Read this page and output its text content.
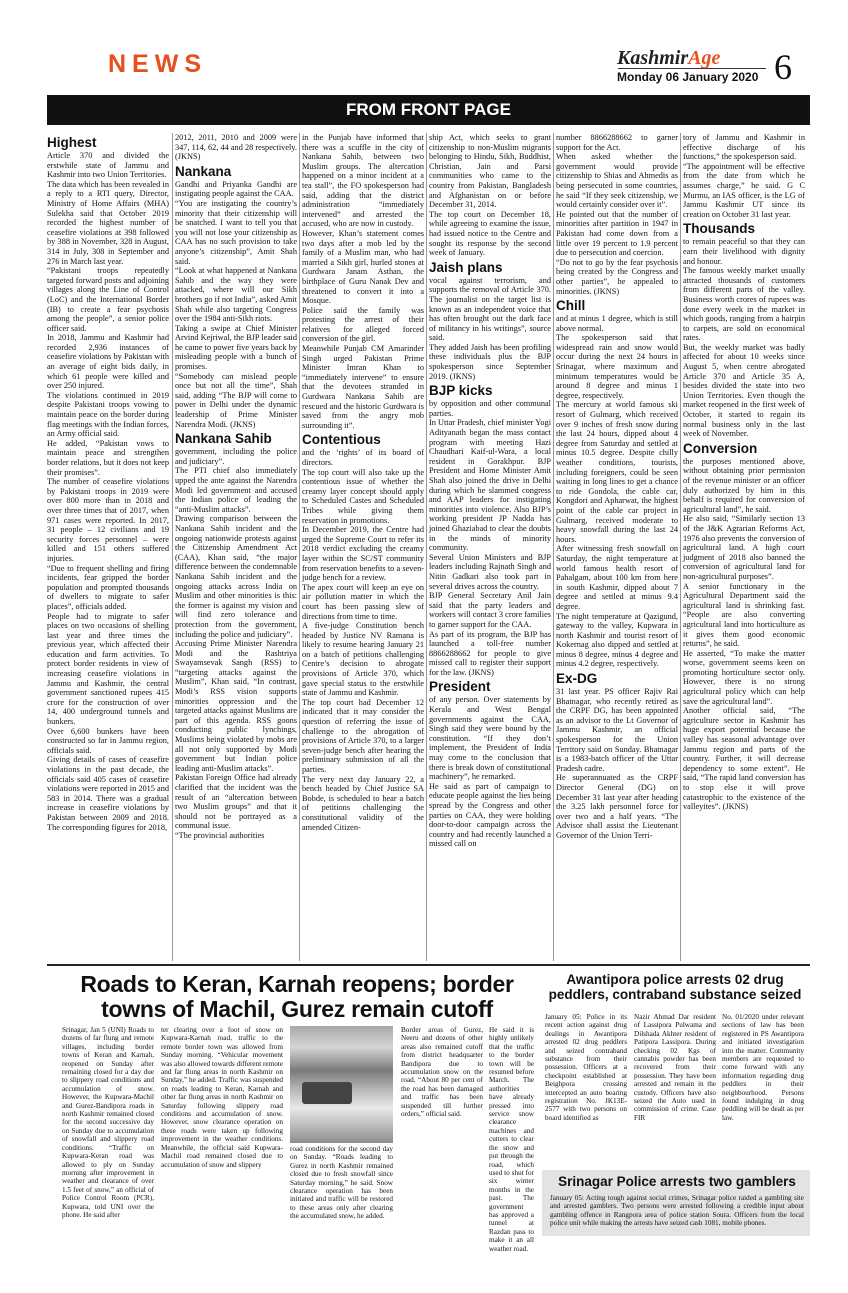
NEWS	KashmirAge
Monday 06 January 2020 6
FROM FRONT PAGE
Highest

Article 370 and divided the erstwhile state of Jammu and Kashmir into two Union Territories.

The data which has been revealed in a reply to a RTI query, Director, Ministry of Home Affairs (MHA) Sulekha said that October 2019 recorded the highest number of ceasefire violations at 398 followed by 388 in November, 328 in August, 314 in July, 308 in September and 276 in March last year.

“Pakistani troops repeatedly targeted forward posts and adjoining villages along the Line of Control (LoC) and the International Border (IB) to create a fear psychosis among the people”, a senior police officer said.

In 2018, Jammu and Kashmir had recorded 2,936 instances of ceasefire violations by Pakistan with an average of eight bids daily, in which 61 people were killed and over 250 injured.

The violations continued in 2019 despite Pakistani troops vowing to maintain peace on the border during flag meetings with the Indian forces, an Army official said.

He added, “Pakistan vows to maintain peace and strengthen border relations, but it does not keep their promises”.

The number of ceasefire violations by Pakistani troops in 2019 were over 800 more than in 2018 and over three times that of 2017, when 971 cases were reported. In 2017, 31 people – 12 civilians and 19 security forces personnel – were killed and 151 others suffered injuries.

“Due to frequent shelling and firing incidents, fear gripped the border population and prompted thousands of dwellers to migrate to safer places”, officials added.

People had to migrate to safer places on two occasions of shelling last year and three times the previous year, which affected their education and farm activities. To protect border residents in view of increasing ceasefire violations in Jammu and Kashmir, the central government sanctioned rupees 415 crore for the construction of over 14, 400 underground tunnels and bunkers.

Over 6,600 bunkers have been constructed so far in Jammu region, officials said.

Giving details of cases of ceasefire violations in the past decade, the officials said 405 cases of ceasefire violations were reported in 2015 and 583 in 2014. There was a gradual increase in ceasefire violations by Pakistan between 2009 and 2018. The corresponding figures for 2018,

2012, 2011, 2010 and 2009 were 347, 114, 62, 44 and 28 respectively. (JKNS)

Nankana

Gandhi and Priyanka Gandhi are instigating people against the CAA.

“You are instigating the country’s minority that their citizenship will be snatched. I want to tell you that you will not lose your citizenship as CAA has no such provision to take anyone’s citizenship”, Amit Shah said.

“Look at what happened at Nankana Sahib and the way they were attacked, where will our Sikh brothers go if not India”, asked Amit Shah while also targeting Congress over the 1984 anti-Sikh riots.

Taking a swipe at Chief Minister Arvind Kejriwal, the BJP leader said he came to power five years back by misleading people with a bunch of promises.

“Somebody can mislead people once but not all the time”, Shah said, adding “The BJP will come to power in Delhi under the dynamic leadership of Prime Minister Narendra Modi. (JKNS)

Nankana Sahib

government, including the police and judiciary”.

The PTI chief also immediately upped the ante against the Narendra Modi led government and accused the Indian police of leading the “anti-Muslim attacks”.

Drawing comparison between the Nankana Sahib incident and the ongoing nationwide protests against the Citizenship Amendment Act (CAA), Khan said, “the major difference between the condemnable Nankana Sahib incident and the ongoing attacks across India on Muslim and other minorities is this: the former is against my vision and will find zero tolerance and protection from the government, including the police and judiciary”.

Accusing Prime Minister Narendra Modi and the Rashtriya Swayamsevak Sangh (RSS) to “targeting attacks against the Muslim”, Khan said, “In contrast, Modi’s RSS vision supports minorities oppression and the targeted attacks against Muslims are part of this agenda. RSS goons conducting public lynchings, Muslims being violated by mobs are all not only supported by Modi government but Indian police leading anti-Muslim attacks”.

Pakistan Foreign Office had already clarified that the incident was the result of an “altercation between two Muslim groups” and that it should not be portrayed as a communal issue.

“The provincial authorities

in the Punjab have informed that there was a scuffle in the city of Nankana Sahib, between two Muslim groups. The altercation happened on a minor incident at a tea stall”, the FO spokesperson had said, adding that the district administration “immediately intervened” and arrested the accused, who are now in custody.

However, Khan’s statement comes two days after a mob led by the family of a Muslim man, who had married a Sikh girl, hurled stones at Gurdwara Janam Asthan, the birthplace of Guru Nanak Dev and threatened to convert it into a Mosque.

Police said the family was protesting the arrest of their relatives for alleged forced conversion of the girl.

Meanwhile Punjab CM Amarinder Singh urged Pakistan Prime Minister Imran Khan to “immediately intervene” to ensure that the devotees stranded in Gurdwara Nankana Sahib are rescued and the historic Gurdwara is saved from the angry mob surrounding it”.

Contentious

and the ‘rights’ of its board of directors.

The top court will also take up the contentious issue of whether the creamy layer concept should apply to Scheduled Castes and Scheduled Tribes while giving them reservation in promotions.

In December 2019, the Centre had urged the Supreme Court to refer its 2018 verdict excluding the creamy layer within the SC/ST community from reservation benefits to a seven-judge bench for a review.

The apex court will keep an eye on air pollution matter in which the court has been passing slew of directions from time to time.

A five-judge Constitution bench headed by Justice NV Ramana is likely to resume hearing January 21 on a batch of petitions challenging Centre’s decision to abrogate provisions of Article 370, which gave special status to the erstwhile state of Jammu and Kashmir.

The top court had December 12 indicated that it may consider the question of referring the issue of challenge to the abrogation of provisions of Article 370, to a larger seven-judge bench after hearing the preliminary submission of all the parties.

The very next day January 22, a bench headed by Chief Justice SA Bobde, is scheduled to hear a batch of petitions challenging the constitutional validity of the amended Citizen-

ship Act, which seeks to grant citizenship to non-Muslim migrants belonging to Hindu, Sikh, Buddhist, Christian, Jain and Parsi communities who came to the country from Pakistan, Bangladesh and Afghanistan on or before December 31, 2014.

The top court on December 18, while agreeing to examine the issue, had issued notice to the Centre and sought its response by the second week of January.

Jaish plans

vocal against terrorism, and supports the removal of Article 370. The journalist on the target list is known as an independent voice that has often brought out the dark face of militancy in his writings”, source said.

They added Jaish has been profiling these individuals plus the BJP spokesperson since September 2019. (JKNS)

BJP kicks

by opposition and other communal parties.

In Uttar Pradesh, chief minister Yogi Adityanath began the mass contact program with meeting Hazi Chaudhari Kaif-ul-Wara, a local resident in Gorakhpur. BJP President and Home Minister Amit Shah also joined the drive in Delhi during which he slammed congress and AAP leaders for instigating minorities into violence. Also BJP’s working president JP Nadda has joined Ghaziabad to clear the doubts in the minds of minority community.

Several Union Ministers and BJP leaders including Rajnath Singh and Nitin Gadkari also took part in several drives across the country.

BJP General Secretary Anil Jain said that the party leaders and workers will contact 3 crore families to garner support for the CAA.

As part of its program, the BJP has launched a toll-free number 8866288662 for people to give missed call to register their support for the law. (JKNS)

President

of any person. Over statements by Kerala and West Bengal governments against the CAA, Singh said they were bound by the constitution. “If they don’t implement, the President of India may come to the conclusion that there is break down of constitutional machinery”, he remarked.

He said as part of campaign to educate people against the lies being spread by the Congress and other parties on CAA, they were holding door-to-door campaign across the country and had recently launched a missed call on

number 8866288662 to garner support for the Act.

When asked whether the government would provide citizenship to Shias and Ahmedis as being persecuted in some countries, he said “If they seek citizenship, we would certainly consider over it”.

He pointed out that the number of minorities after partition in 1947 in Pakistan had come down from a little over 19 percent to 1.9 percent due to persecution and coercion.

“Do not to go by the fear psychosis being created by the Congress and other parties”, he appealed to minorities. (JKNS)

Chill

and at minus 1 degree, which is still above normal.

The spokesperson said that widespread rain and snow would occur during the next 24 hours in Srinagar, where maximum and minimum temperatures would be around 8 degree and minus 1 degree, respectively.

The mercury at world famous ski resort of Gulmarg, which received over 9 inches of fresh snow during the last 24 hours, dipped about 4 degree from Saturday and settled at minus 10.5 degree. Despite chilly weather conditions, tourists, including foreigners, could be seen waiting in long lines to get a chance to ride Gondola, the cable car, Kongdori and Apharwat, the highest point of the cable car project in Gulmarg, received moderate to heavy snowfall during the last 24 hours.

After witnessing fresh snowfall on Saturday, the night temperature at world famous health resort of Pahalgam, about 100 km from here in south Kashmir, dipped about 7 degree and settled at minus 9.4 degree.

The night temperature at Qazigund, gateway to the valley, Kupwara in north Kashmir and tourist resort of Kokernag also dipped and settled at minus 8 degree, minus 4 degree and minus 4.2 degree, respectively.

Ex-DG

31 last year. PS officer Rajiv Rai Bhatnagar, who recently retired as the CRPF DG, has been appointed as an advisor to the Lt Governor of Jammu Kashmir, an official spokesperson for the Union Territory said on Sunday. Bhatnagar is a 1983-batch officer of the Uttar Pradesh cadre.

He superannuated as the CRPF Director General (DG) on December 31 last year after heading the 3.25 lakh personnel force for over two and a half years. “The Advisor shall assist the Lieutenant Governor of the Union Terri-

tory of Jammu and Kashmir in effective discharge of his functions,” the spokesperson said.

“The appointment will be effective from the date from which he assumes charge,” he said. G C Murmu, an IAS officer, is the LG of Jammu Kashmir UT since its creation on October 31 last year.

Thousands

to remain peaceful so that they can earn their livelihood with dignity and honour.

The famous weekly market usually attracted thousands of customers from different parts of the valley. Business worth crores of rupees was done every week in the market in which goods, ranging from a hairpin to carpets, are sold on economical rates.

But, the weekly market was badly affected for about 10 weeks since August 5, when centre abrogated Article 370 and Article 35 A, besides divided the state into two Union Territories. Even though the market reopened in the first week of October, it started to regain its normal business only in the last week of November.

Conversion

the purposes mentioned above, without obtaining prior permission of the revenue minister or an officer duly authorized by him in this behalf is required for conversion of agricultural land”, he said.

He also said, “Similarly section 13 of the J&K Agrarian Reforms Act, 1976 also prevents the conversion of agricultural land. A high court judgment of 2018 also banned the conversion of agricultural land for non-agricultural purposes”.

A senior functionary in the Agricultural Department said the agricultural land is shrinking fast. “People are also converting agricultural land into horticulture as it gives them good economic returns”, he said.

He asserted, “To make the matter worse, government seems keen on promoting horticulture sector only. However, there is no strong agricultural policy which can help save the agricultural land”.

Another official said, “The agriculture sector in Kashmir has huge export potential because the valley has seasonal advantage over Jammu region and parts of the country. Further, it will decrease dependency to some extent”. He said, “The rapid land conversion has to stop else it will prove catastrophic to the existence of the valleyites”. (JKNS)

Roads to Keran, Karnah reopens; border towns of Machil, Gurez remain cutoff
Srinagar, Jan 5 (UNI) Roads to dozens of far flung and remote villages, including border towns of Keran and Karnah, reopened on Sunday after remaining closed for a day due to slippery road conditions and accumulation of snow. However, the Kupwara-Machil and Gurez-Bandipora roads in north Kashmir remained closed for the second successive day on Sunday due to accumulation of snowfall and slippery road conditions. “Traffic on Kupwara-Keran road was allowed to ply on Sunday morning after improvement in weather and clearance of over 1.5 feet of snow,” an official of Police Control Room (PCR), Kupwara, told UNI over the phone. He said after
ter clearing over a foot of snow on Kupwara-Karnah road, traffic to the remote border town was allowed from Sunday morning. “Vehicular movement was also allowed towards different remote and far flung areas in north Kashmir on Sunday,” he added. Traffic was suspended on roads leading to Keran, Karnah and other far flung areas in north Kashmir on Saturday following slippery road conditions and accumulation of snow. However, snow clearance operation on these roads were taken up following improvement in the weather conditions. Meanwhile, the official said Kupwara-Machil road remained closed due to accumulation of snow and slippery
road conditions for the second day on Sunday. “Roads leading to Gurez in north Kashmir remained closed due to fresh snowfall since Saturday morning,” he said. Snow clearance operation has been initiated and traffic will be restored to these areas only after clearing the accumulated snow, he added.
Border areas of Gurez, Neeru and dozens of other areas also remained cutoff from district headquarter Bandipora due to accumulation snow on the road. “About 80 per cent of the road has been damaged and traffic has been suspended till further orders,” official said.
He said it is highly unlikely that the traffic to the border town will be resumed before March. The authorities have already pressed into service snow clearance machines and cutters to clear the snow and put through the road, which used to shut for six winter months in the past. The government has approved a tunnel at Razdan pass to make it an all weather road.
Awantipora police arrests 02 drug peddlers, contraband substance seized
January 05: Police in its recent action against drug dealings in Awantipora arrested 02 drug peddlers and seized contraband substance from their possession. Officers at a checkpoint established at Beighpora crossing intercepted an auto bearing registration No. JK13E-2577 with two persons on board identified as
Nazir Ahmad Dar resident of Lassipora Pulwama and Dilshada Akhter resident of Patipora Lassipora. During checking 02 Kgs of cannabis powder has been recovered from their possession. They have been arrested and remain in the custody. Officers have also seized the Auto used in commission of crime. Case FIR
No. 01/2020 under relevant sections of law has been registered in PS Awantipora and initiated investigation into the matter. Community members are requested to come forward with any information regarding drug peddlers in their neighbourhood. Persons found indulging in drug peddling will be dealt as per law.
Srinagar Police arrests two gamblers
January 05: Acting tough against social crimes, Srinagar police raided a gambling site and arrested gamblers. Two persons were arrested following a credible input about gambling offence in Rangpora area of police station Soura. Officers from the local police unit while making the arrests have seized cash 1081, mobile phones.
